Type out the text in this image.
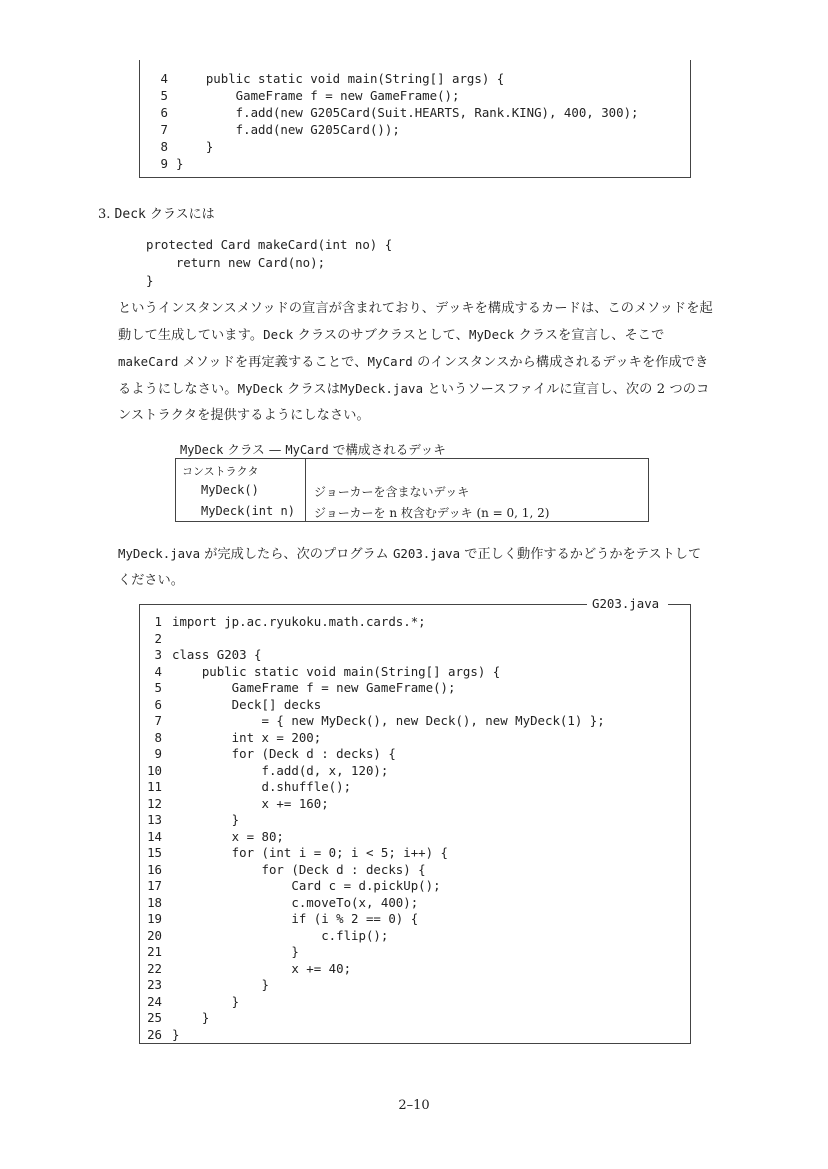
4 public static void main(String[] args) {
5 GameFrame f = new GameFrame();
6 f.add(new G205Card(Suit.HEARTS, Rank.KING), 400, 300);
7 f.add(new G205Card());
8 }
9 }
3. Deck クラスには
protected Card makeCard(int no) {
return new Card(no);
}
というインスタンスメソッドの宣言が含まれており、デッキを構成するカードは、このメソッドを起動して生成しています。Deck クラスのサブクラスとして、MyDeck クラスを宣言し、そこで makeCard メソッドを再定義することで、MyCard のインスタンスから構成されるデッキを作成できるようにしなさい。MyDeck クラスはMyDeck.java というソースファイルに宣言し、次の 2 つのコンストラクタを提供するようにしなさい。
MyDeck クラス — MyCard で構成されるデッキ
コンストラクタ
MyDeck()	ジョーカーを含まないデッキ
MyDeck(int n) ジョーカーを n 枚含むデッキ (n = 0, 1, 2)
MyDeck.java が完成したら、次のプログラム G203.java で正しく動作するかどうかをテストしてください。
G203.java
1 import jp.ac.ryukoku.math.cards.*;
2
3 class G203 {
4 public static void main(String[] args) {
5 GameFrame f = new GameFrame();
6 Deck[] decks
7 = { new MyDeck(), new Deck(), new MyDeck(1) };
8 int x = 200;
9 for (Deck d : decks) {
10 f.add(d, x, 120);
11 d.shuffle();
12 x += 160;
13 }
14 x = 80;
15 for (int i = 0; i < 5; i++) {
16 for (Deck d : decks) {
17 Card c = d.pickUp();
18 c.moveTo(x, 400);
19 if (i % 2 == 0) {
20 c.flip();
21 }
22 x += 40;
23 }
24 }
25 }
26 }
2–10
